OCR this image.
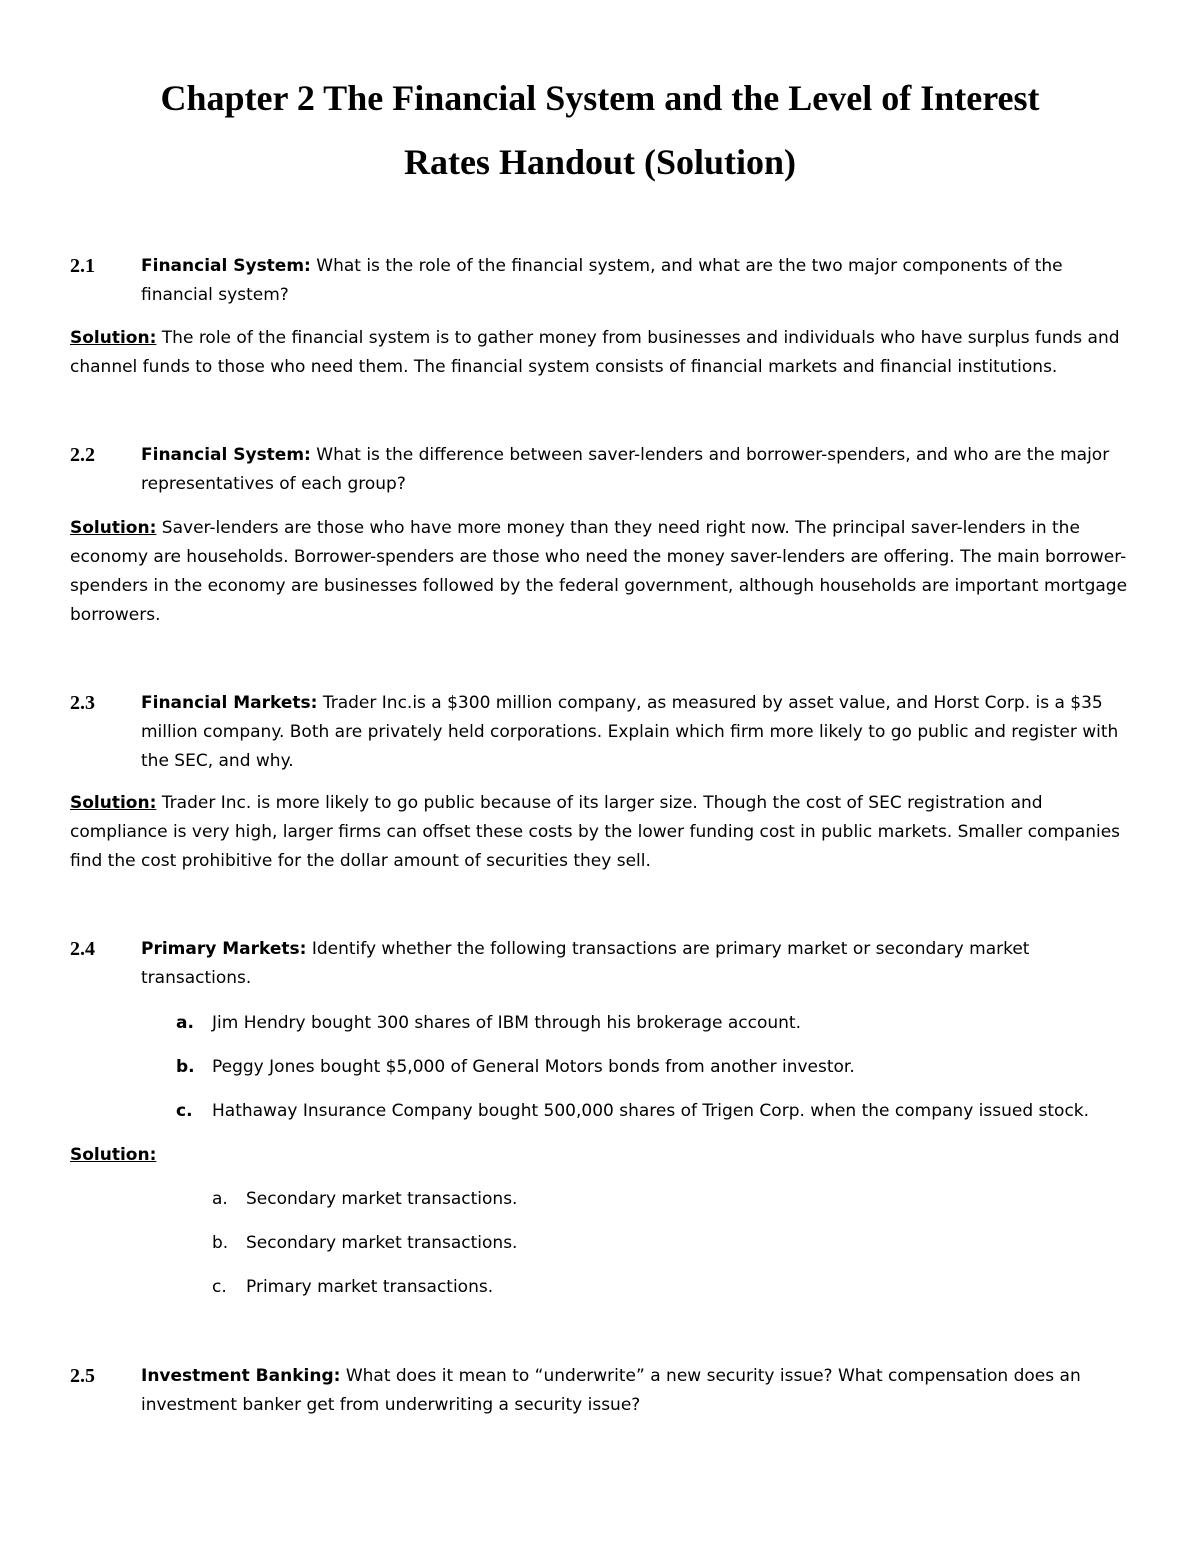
Chapter 2 The Financial System and the Level of Interest
Rates Handout (Solution)
2.1	Financial System: What is the role of the financial system, and what are the two major components of the financial system?
Solution: The role of the financial system is to gather money from businesses and individuals who have surplus funds and channel funds to those who need them. The financial system consists of financial markets and financial institutions.
2.2	Financial System: What is the difference between saver-lenders and borrower-spenders, and who are the major representatives of each group?
Solution: Saver-lenders are those who have more money than they need right now. The principal saver-lenders in the economy are households. Borrower-spenders are those who need the money saver-lenders are offering. The main borrower-spenders in the economy are businesses followed by the federal government, although households are important mortgage borrowers.
2.3	Financial Markets: Trader Inc.is a $300 million company, as measured by asset value, and Horst Corp. is a $35 million company. Both are privately held corporations. Explain which firm more likely to go public and register with the SEC, and why.
Solution: Trader Inc. is more likely to go public because of its larger size. Though the cost of SEC registration and compliance is very high, larger firms can offset these costs by the lower funding cost in public markets. Smaller companies find the cost prohibitive for the dollar amount of securities they sell.
2.4	Primary Markets: Identify whether the following transactions are primary market or secondary market transactions.
a. Jim Hendry bought 300 shares of IBM through his brokerage account.
b. Peggy Jones bought $5,000 of General Motors bonds from another investor.
c. Hathaway Insurance Company bought 500,000 shares of Trigen Corp. when the company issued stock.
Solution:
a. Secondary market transactions.
b. Secondary market transactions.
c. Primary market transactions.
2.5	Investment Banking: What does it mean to “underwrite” a new security issue? What compensation does an investment banker get from underwriting a security issue?
